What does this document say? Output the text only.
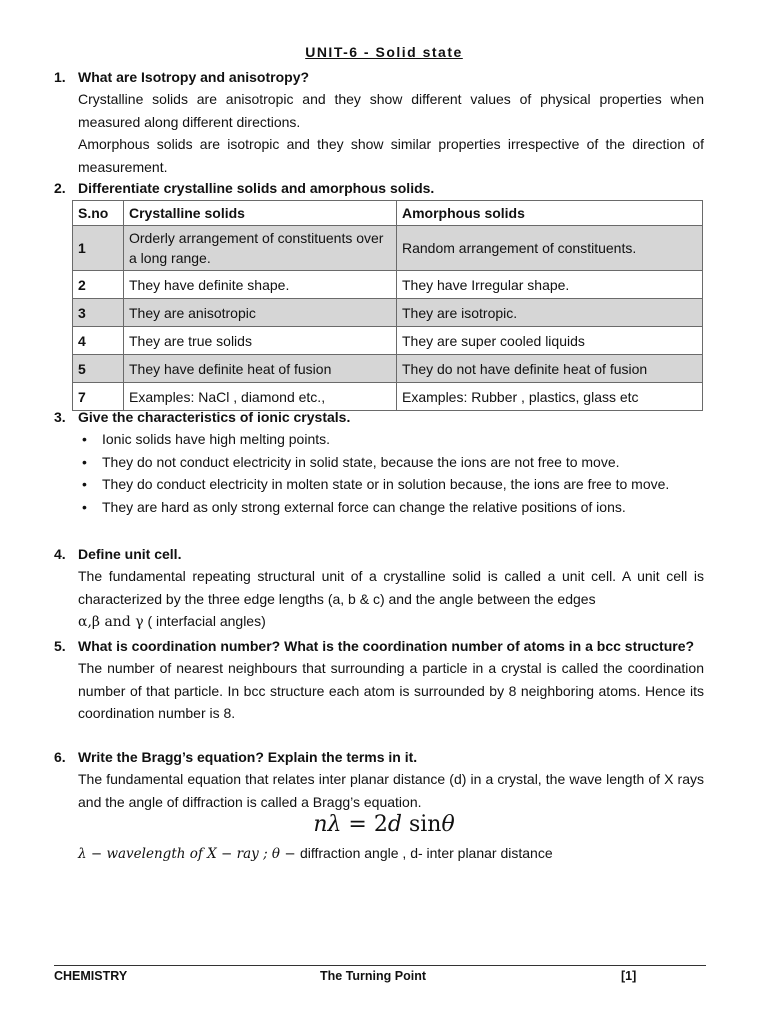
UNIT-6 - Solid state
1. What are Isotropy and anisotropy?
Crystalline solids are anisotropic and they show different values of physical properties when measured along different directions.
Amorphous solids are isotropic and they show similar properties irrespective of the direction of measurement.
2. Differentiate crystalline solids and amorphous solids.
S.no	Crystalline solids	Amorphous solids
1	Orderly arrangement of constituents over a long range.	Random arrangement of constituents.
2	They have definite shape.	They have Irregular shape.
3	They are anisotropic	They are isotropic.
4	They are true solids	They are super cooled liquids
5	They have definite heat of fusion	They do not have definite heat of fusion
7	Examples: NaCl , diamond etc.,	Examples: Rubber , plastics, glass etc
3. Give the characteristics of ionic crystals.
• Ionic solids have high melting points.
• They do not conduct electricity in solid state, because the ions are not free to move.
• They do conduct electricity in molten state or in solution because, the ions are free to move.
• They are hard as only strong external force can change the relative positions of ions.
4. Define unit cell.
The fundamental repeating structural unit of a crystalline solid is called a unit cell. A unit cell is characterized by the three edge lengths (a, b & c) and the angle between the edges
α,β and γ ( interfacial angles)
5. What is coordination number? What is the coordination number of atoms in a bcc structure?
The number of nearest neighbours that surrounding a particle in a crystal is called the coordination number of that particle. In bcc structure each atom is surrounded by 8 neighboring atoms. Hence its coordination number is 8.
6. Write the Bragg’s equation? Explain the terms in it.
The fundamental equation that relates inter planar distance (d) in a crystal, the wave length of X rays and the angle of diffraction is called a Bragg’s equation.
nλ = 2d sinθ
λ − wavelength of X − ray ; θ − diffraction angle , d- inter planar distance
CHEMISTRY	The Turning Point	[1]
